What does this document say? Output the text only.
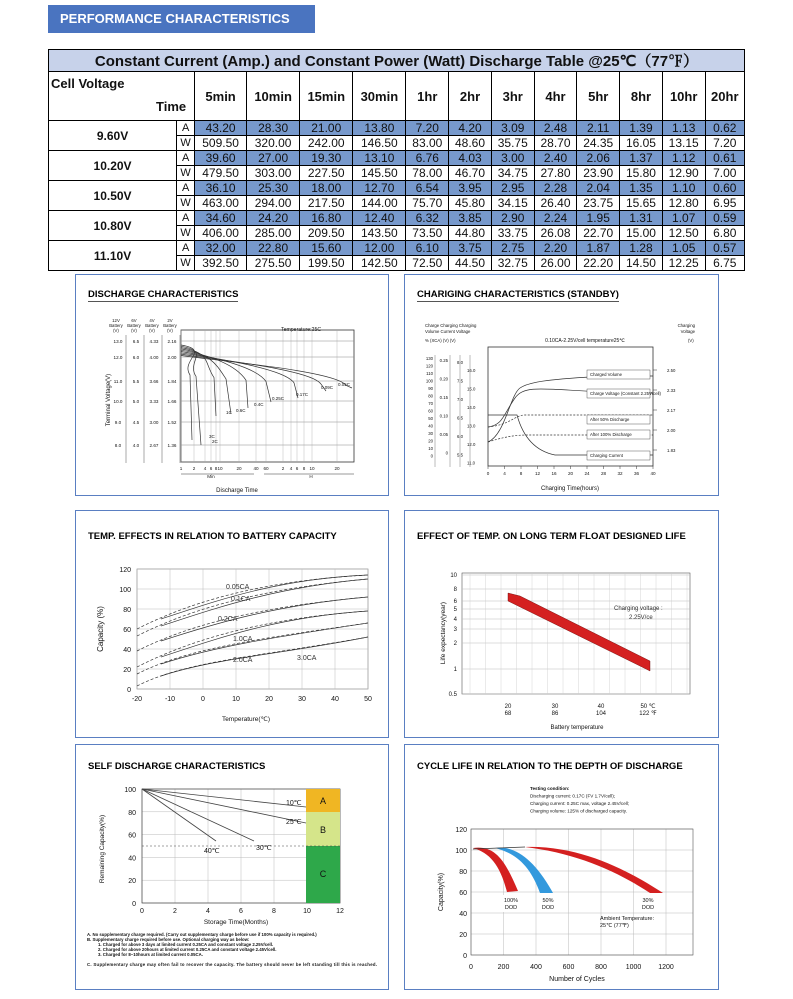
PERFORMANCE CHARACTERISTICS
Constant Current (Amp.) and Constant Power (Watt) Discharge Table @25℃（77℉）													

Cell Voltage
Time		5min	10min	15min	30min	1hr	2hr	3hr	4hr	5hr	8hr	10hr	20hr
9.60V	A	43.20	28.30	21.00	13.80	7.20	4.20	3.09	2.48	2.11	1.39	1.13	0.62
	W	509.50	320.00	242.00	146.50	83.00	48.60	35.75	28.70	24.35	16.05	13.15	7.20
10.20V	A	39.60	27.00	19.30	13.10	6.76	4.03	3.00	2.40	2.06	1.37	1.12	0.61
	W	479.50	303.00	227.50	145.50	78.00	46.70	34.75	27.80	23.90	15.80	12.90	7.00
10.50V	A	36.10	25.30	18.00	12.70	6.54	3.95	2.95	2.28	2.04	1.35	1.10	0.60
	W	463.00	294.00	217.50	144.00	75.70	45.80	34.15	26.40	23.75	15.65	12.80	6.95
10.80V	A	34.60	24.20	16.80	12.40	6.32	3.85	2.90	2.24	1.95	1.31	1.07	0.59
	W	406.00	285.00	209.50	143.50	73.50	44.80	33.75	26.08	22.70	15.00	12.50	6.80
11.10V	A	32.00	22.80	15.60	12.00	6.10	3.75	2.75	2.20	1.87	1.28	1.05	0.57
	W	392.50	275.50	199.50	142.50	72.50	44.50	32.75	26.00	22.20	14.50	12.25	6.75
DISCHARGE CHARACTERISTICS
Temperature:25C
12V
Battery
(V)
6V
Battery
(V)
4V
Battery
(V)
2V
Battery
(V)
13.0 6.5 4.33 2.16
12.0 6.0 4.00 2.00
11.0 5.5 3.66 1.84
10.0 5.0 3.33 1.66
9.0	4.5 3.00 1.52
8.0	4.0 2.67 1.36
1 2 4 6 8 10	20	40 60	2 4 6 8 10	20
Min	H
Discharge Time
Terminal Voltage(V)
3C
2C
1C 0.6C
0.4C
0.25C
0.17C
0.09C
0.05C
CHARIGING CHARACTERISTICS (STANDBY)
Charge Charging Charging
Volume Current Voltage
% (XCA) (V) (V)	0.10CA-2.25V/cell temperature25℃
Charging
Voltage
(V)
130
120
110
100
90
80
70
60
50
40
30
20
10
0
0.25
0.20
0.15
0.10
0.05
0
8.0
7.5
7.0
6.5
6.0
5.5
16.0
15.0
14.0
13.0
12.0
11.0
2.50
2.33
2.17
2.00
1.83
0	4	8	12 16 20 24 28 32 36 40
Charging Time(hours)
Charged Volume
Charge Voltage (Constant 2.25V/cell)
After 50% Discharge
After 100% Discharge
Charging Current
TEMP. EFFECTS IN RELATION TO BATTERY CAPACITY
120
100
80
60
40
20
0
-20	-10	0	10	20	30	40	50
Temperature(℃)
Capacity (%)
0.05CA
0.1CA
0.2CA
1.0CA
2.0CA	3.0CA
EFFECT OF TEMP. ON LONG TERM FLOAT DESIGNED LIFE
10
8
6
5
4
3
2
1
0.5
20
68
30
86
40
104
50 ℃
122 ℉
Battery temperature
Life expectancy(year)	Charging voltage :
2.25V/ce
SELF DISCHARGE CHARACTERISTICS
100
80
60
40
20
0
0	2	4	6	8	10	12
A
B
C
10℃
25℃
40℃	30℃
Storage Time(Months)
Remaining Capacity(%)
A. No supplementary charge required. (Carry out supplementary charge before use if 100% capacity is required.)
B. Supplementary charge required before use. Optional charging way as below:
1. Charged for above 3 days at limited current 0.25CA and constant voltage 2.25V/cell.
2. Charged for above 20hours at limited current 0.25CA and constant voltage 2.45V/cell.
3. Charged for 8~10hours at limited current 0.05CA.
C. Supplementary charge may often fail to recover the capacity. The battery should never be left standing till this is reached.
CYCLE LIFE IN RELATION TO THE DEPTH OF DISCHARGE
Testing condition:
Discharging current: 0.17C (FV 1.7V/cell);
Charging current: 0.25C max, voltage 2.45V/cell;
Charging volume: 125% of discharged capacity.
120
100
80
60
40
20
0
0	200	400	600	800	1000 1200
100%
DOD
50%
DOD
30%
DOD
Ambient Temperature:
25℃ (77℉)
Number of Cycles
Capacity(%)
